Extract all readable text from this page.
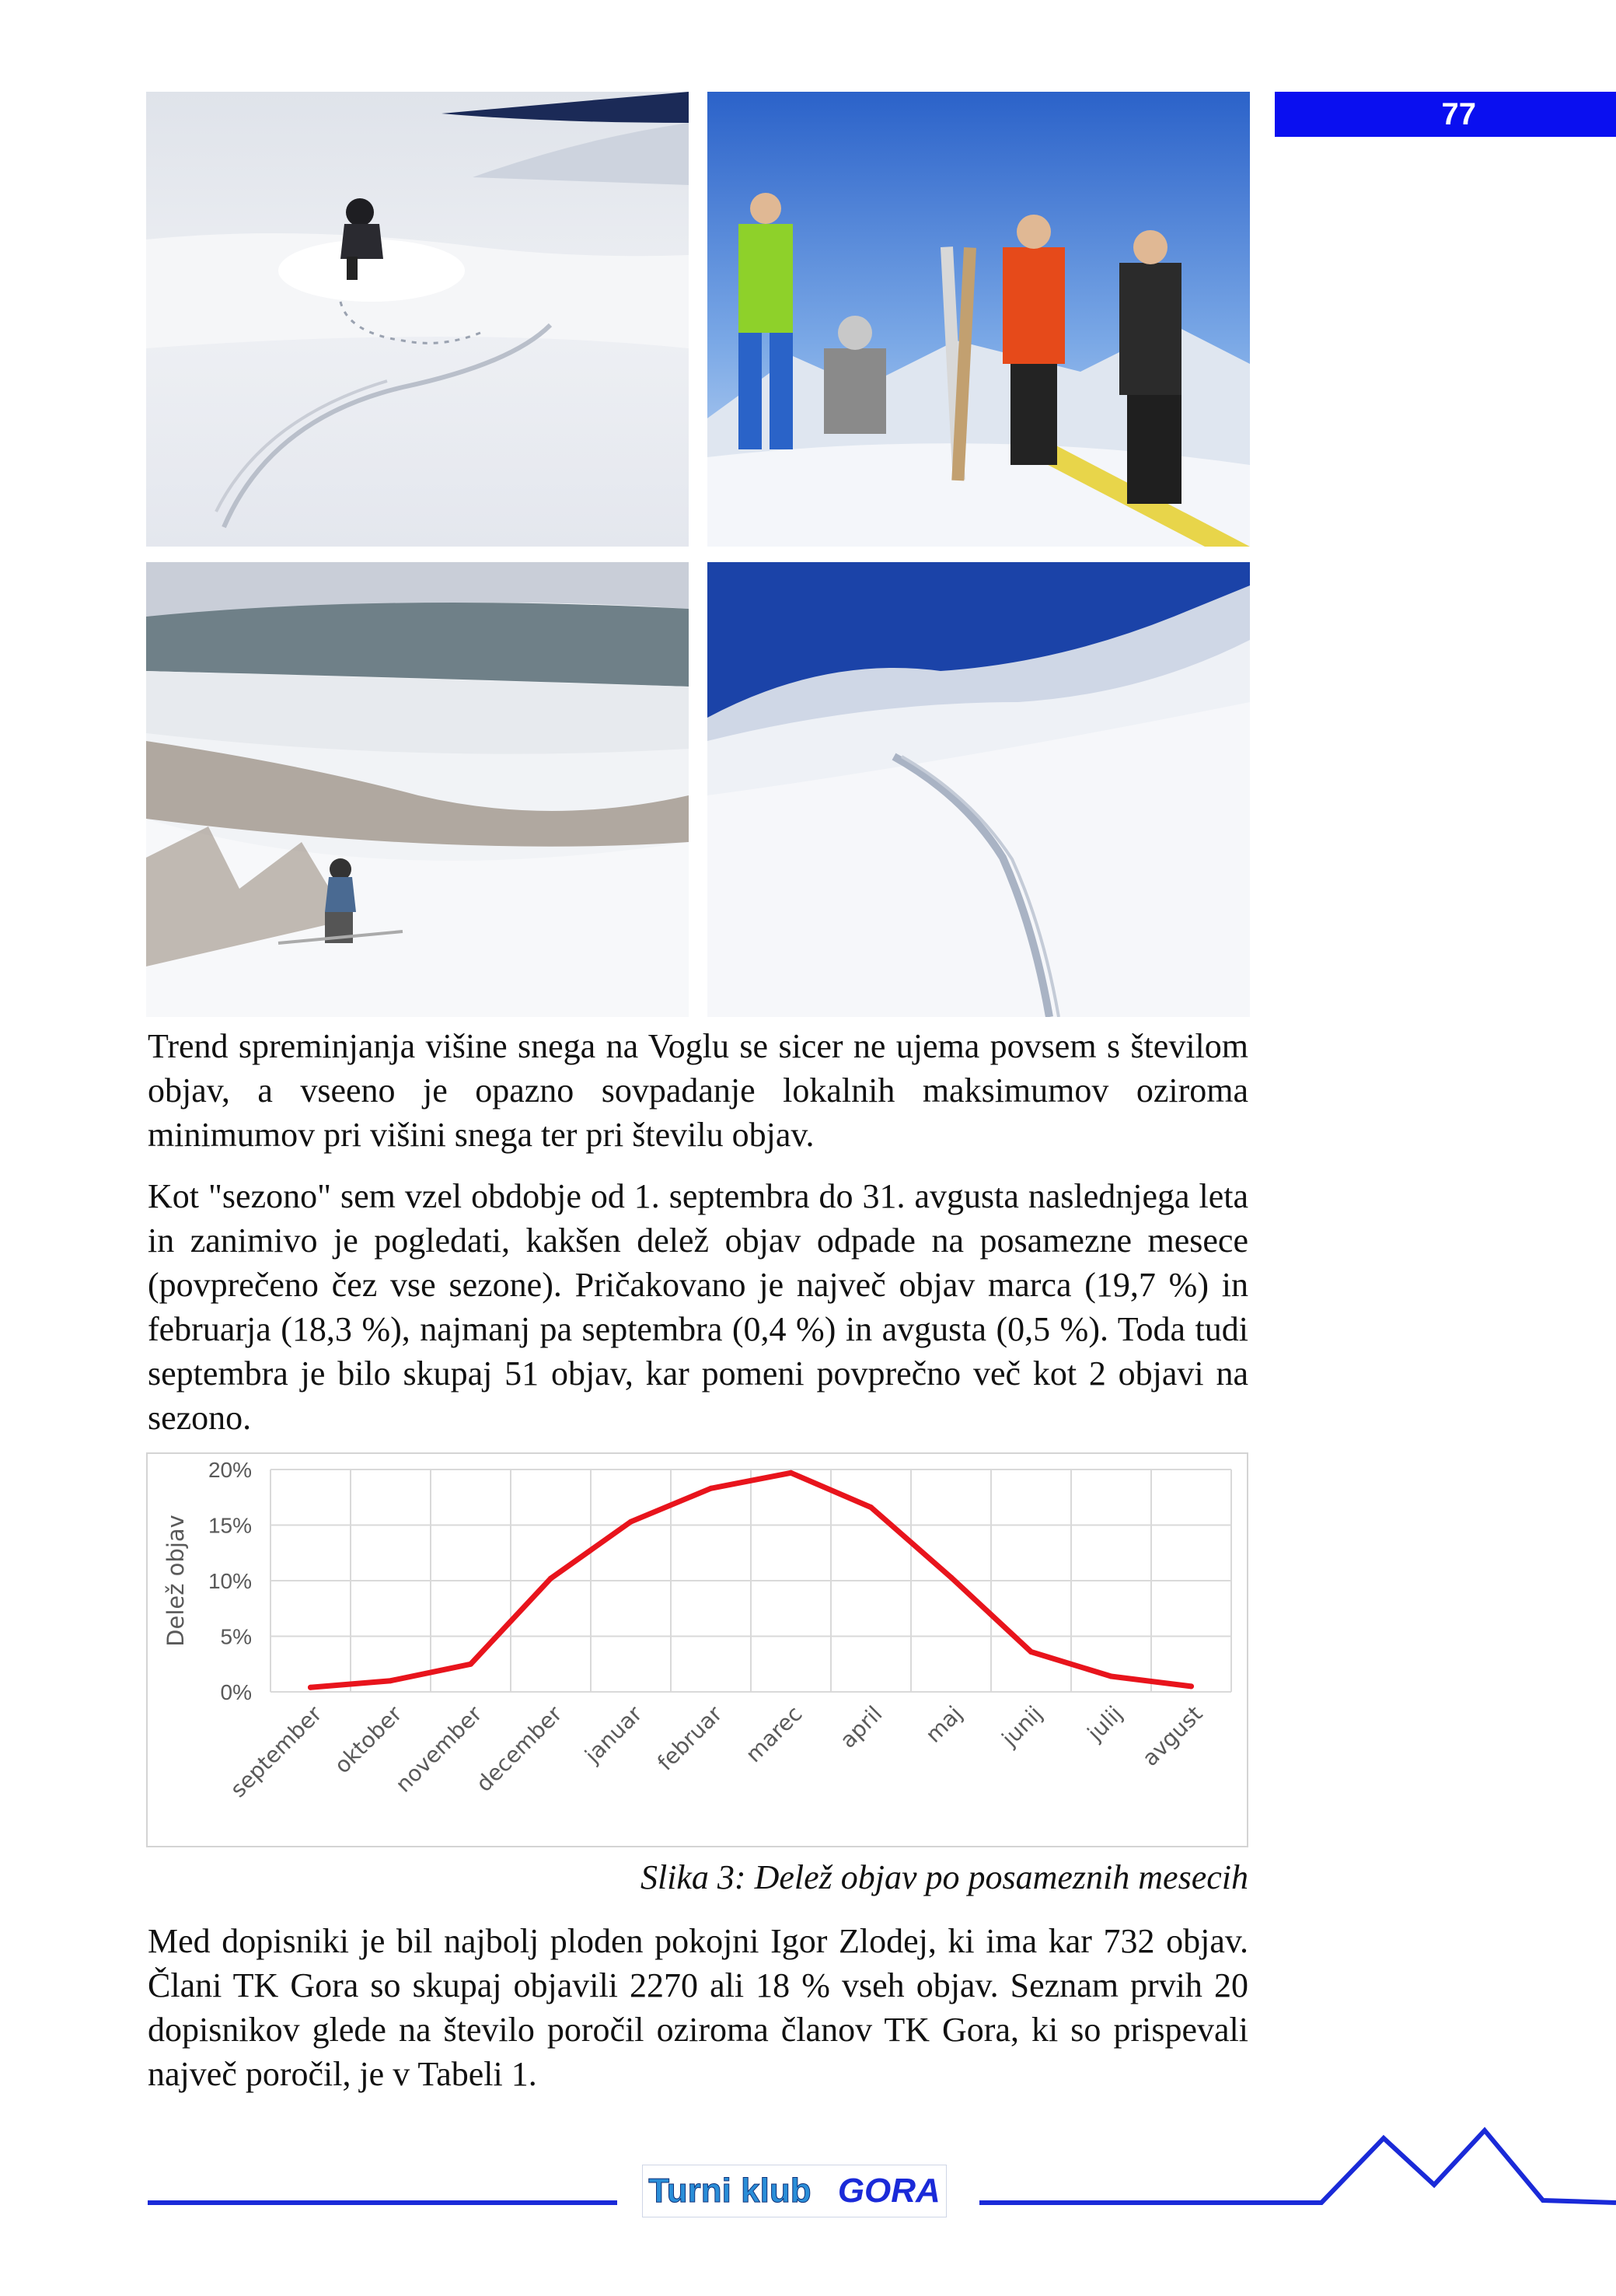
77
Trend spreminjanja višine snega na Voglu se sicer ne ujema povsem s številom objav, a vseeno je opazno sovpadanje lokalnih maksimumov oziroma minimumov pri višini snega ter pri številu objav.
Kot "sezono" sem vzel obdobje od 1. septembra do 31. avgusta naslednjega leta in zanimivo je pogledati, kakšen delež objav odpade na posamezne mesece (povprečeno čez vse sezone). Pričakovano je največ objav marca (19,7 %) in februarja (18,3 %), najmanj pa septembra (0,4 %) in avgusta (0,5 %). Toda tudi septembra je bilo skupaj 51 objav, kar pomeni povprečno več kot 2 objavi na sezono.
0%
5%
10%
15%
20%
Delež objav
september oktober
november
december januar februar marec april maj junij julij avgust
Slika 3: Delež objav po posameznih mesecih
Med dopisniki je bil najbolj ploden pokojni Igor Zlodej, ki ima kar 732 objav. Člani TK Gora so skupaj objavili 2270 ali 18 % vseh objav. Seznam prvih 20 dopisnikov glede na število poročil oziroma članov TK Gora, ki so prispevali največ poročil, je v Tabeli 1.
Turni klub GORA
